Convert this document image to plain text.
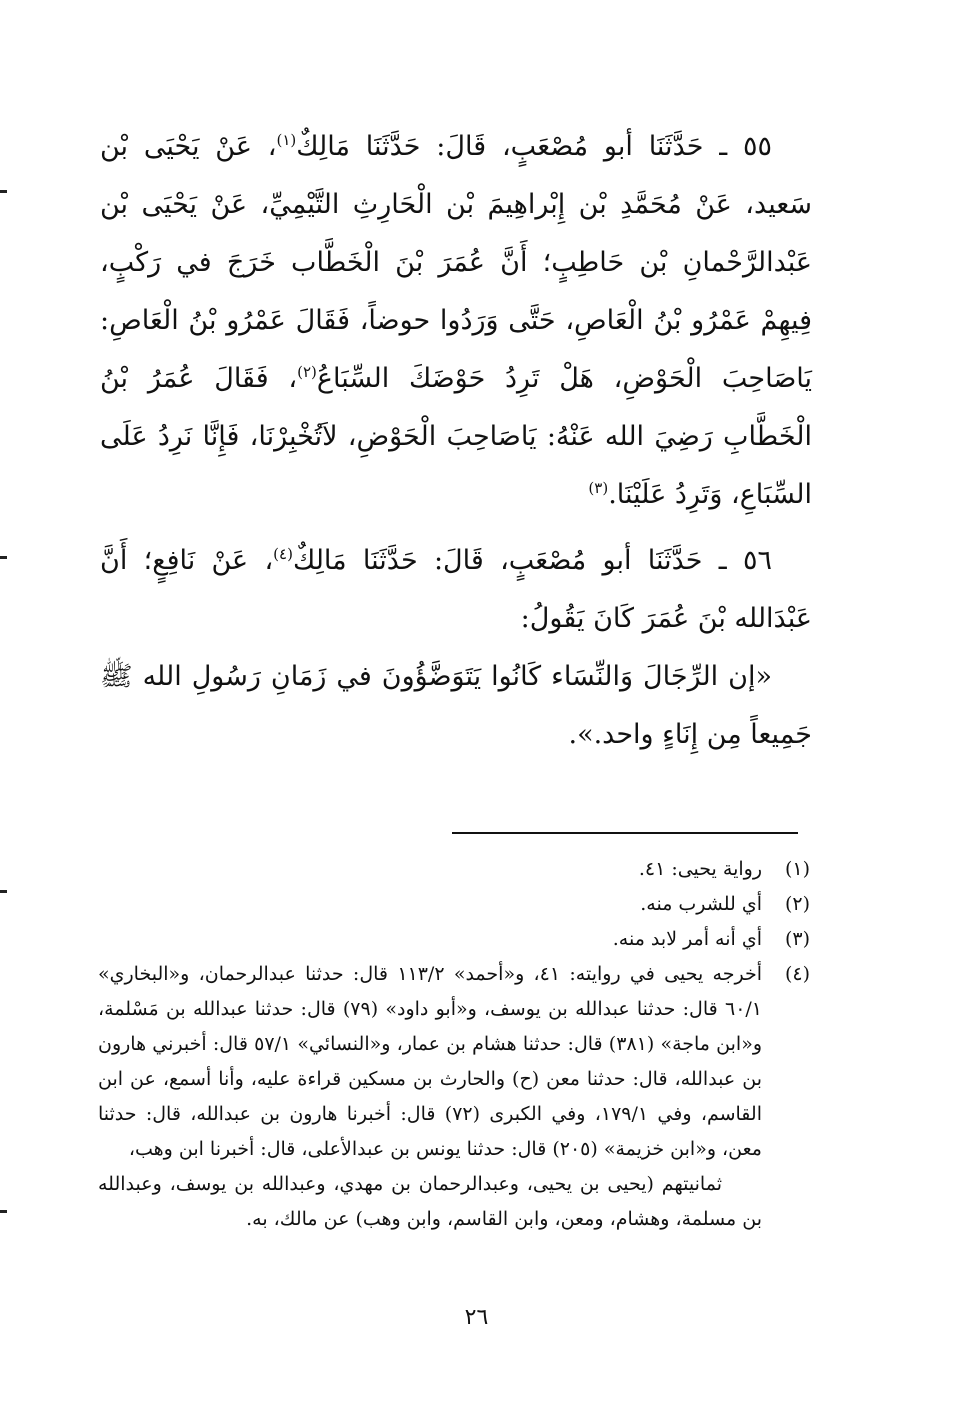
٥٥ ـ حَدَّثَنَا أبو مُصْعَبٍ، قَالَ: حَدَّثَنَا مَالِكٌ$^{(١)}$، عَنْ يَحْيَى بْن سَعيد، عَنْ مُحَمَّدِ بْن إِبْراهِيمَ بْن الْحَارِثِ التَّيْمِيِّ، عَنْ يَحْيَى بْن عَبْدالرَّحْمانِ بْن حَاطِبٍ؛ أَنَّ عُمَرَ بْنَ الْخَطَّاب خَرَجَ في رَكْبٍ، فِيهِمْ عَمْرُو بْنُ الْعَاصِ، حَتَّى وَرَدُوا حوضاً، فَقَالَ عَمْرُو بْنُ الْعَاصِ: يَاصَاحِبَ الْحَوْضِ، هَلْ تَرِدُ حَوْضَكَ السِّبَاعُ$^{(٢)}$، فَقَالَ عُمَرُ بْنُ الْخَطَّابِ رَضِيَ الله عَنْهُ: يَاصَاحِبَ الْحَوْضِ، لاَتُخْبِرْنَا، فَإِنَّا نَرِدُ عَلَى السِّبَاعِ، وَتَرِدُ عَلَيْنَا.$^{(٣)}$

٥٦ ـ حَدَّثَنَا أبو مُصْعَبٍ، قَالَ: حَدَّثَنَا مَالِكٌ$^{(٤)}$، عَنْ نَافِعٍ؛ أَنَّ عَبْدَالله بْنَ عُمَرَ كَانَ يَقُولُ:

«إن الرِّجَالَ وَالنِّسَاء كَانُوا يَتَوَضَّؤُونَ في زَمَانِ رَسُولِ الله ﷺ جَمِيعاً مِن إِنَاءٍ واحد.».

(١)
رواية يحيى: ٤١.
(٢)
أي للشرب منه.
(٣)
أي أنه أمر لابد منه.
(٤)
أخرجه يحيى في روايته: ٤١، و«أحمد» ١١٣/٢ قال: حدثنا عبدالرحمان، و«البخاري» ٦٠/١ قال: حدثنا عبدالله بن يوسف، و«أبو داود» (٧٩) قال: حدثنا عبدالله بن مَسْلمة، و«ابن ماجة» (٣٨١) قال: حدثنا هشام بن عمار، و«النسائي» ٥٧/١ قال: أخبرني هارون بن عبدالله، قال: حدثنا معن (ح) والحارث بن مسكين قراءة عليه، وأنا أسمع، عن ابن القاسم، وفي ١٧٩/١، وفي الكبرى (٧٢) قال: أخبرنا هارون بن عبدالله، قال: حدثنا معن، و«ابن خزيمة» (٢٠٥) قال: حدثنا يونس بن عبدالأعلى، قال: أخبرنا ابن وهب،
ثمانيتهم (يحيى بن يحيى، وعبدالرحمان بن مهدي، وعبدالله بن يوسف، وعبدالله بن مسلمة، وهشام، ومعن، وابن القاسم، وابن وهب) عن مالك، به.
٢٦
